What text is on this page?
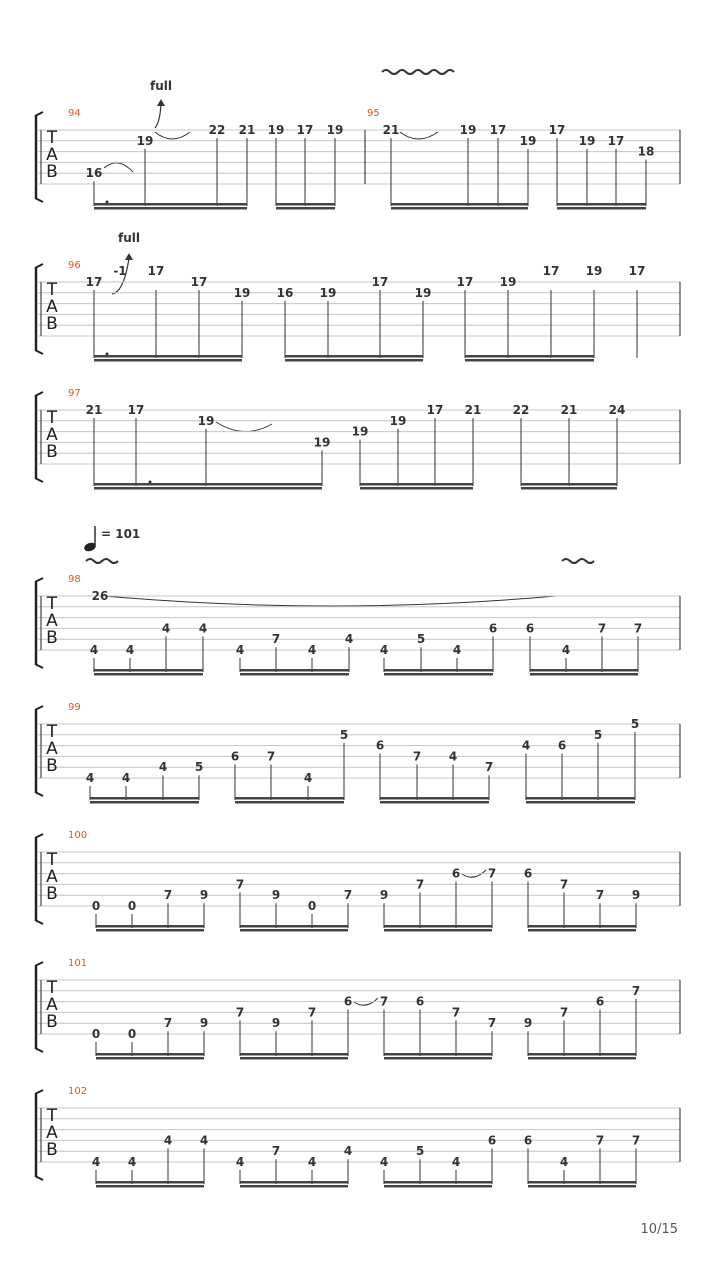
T
A
B
94
16
19
22 21 19 17 19
95
21	19 17
19
17
19 17
18
full
T
A
B
96
17
-1 17
17
19 16 19
17
19
17 19
17 19 17
full
T
A
B
97
21 17
19
19
19
19
17 21	22	21	24
T
A
B
98
26
4 4
4 4
4
7
4
4
4
5
4
6 6
4
7 7
T
A
B
99
4 4
4 5
6 7
4
5
6
7 4
7
4 6
5
5
T
A
B
100
0 0
7 9
7
9
0
7 9
7
6 7 6
7
7 9
T
A
B
101
0 0
7 9
7
9
7
6 7 6
7
7 9
7
6
7
T
A
B
102
4 4
4 4
4
7
4
4
4
5
4
6 6
4
7 7
= 101
10/15
